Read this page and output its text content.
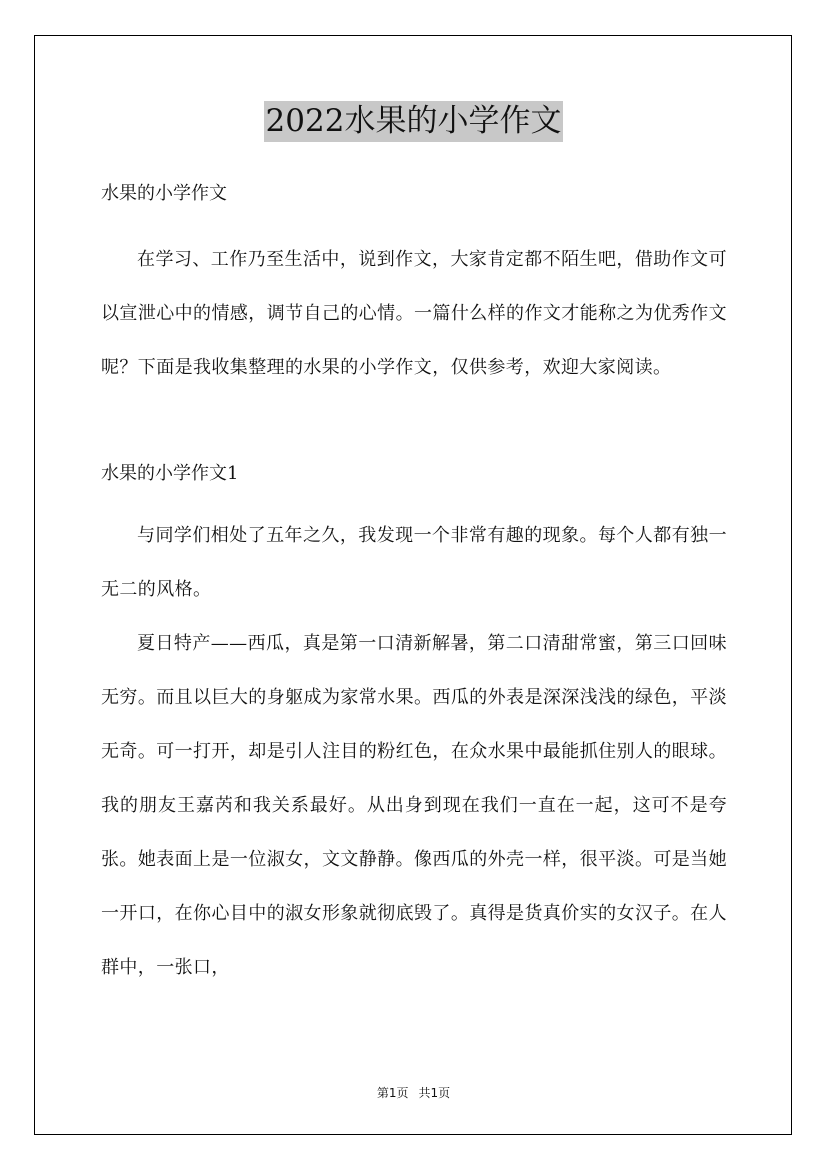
2022水果的小学作文

水果的小学作文

在学习、工作乃至生活中，说到作文，大家肯定都不陌生吧，借助作文可以宣泄心中的情感，调节自己的心情。一篇什么样的作文才能称之为优秀作文呢？下面是我收集整理的水果的小学作文，仅供参考，欢迎大家阅读。

水果的小学作文1

与同学们相处了五年之久，我发现一个非常有趣的现象。每个人都有独一无二的风格。

夏日特产——西瓜，真是第一口清新解暑，第二口清甜常蜜，第三口回味无穷。而且以巨大的身躯成为家常水果。西瓜的外表是深深浅浅的绿色，平淡无奇。可一打开，却是引人注目的粉红色，在众水果中最能抓住别人的眼球。我的朋友王嘉芮和我关系最好。从出身到现在我们一直在一起，这可不是夸张。她表面上是一位淑女，文文静静。像西瓜的外壳一样，很平淡。可是当她一开口，在你心目中的淑女形象就彻底毁了。真得是货真价实的女汉子。在人群中，一张口，

第1页 共1页
